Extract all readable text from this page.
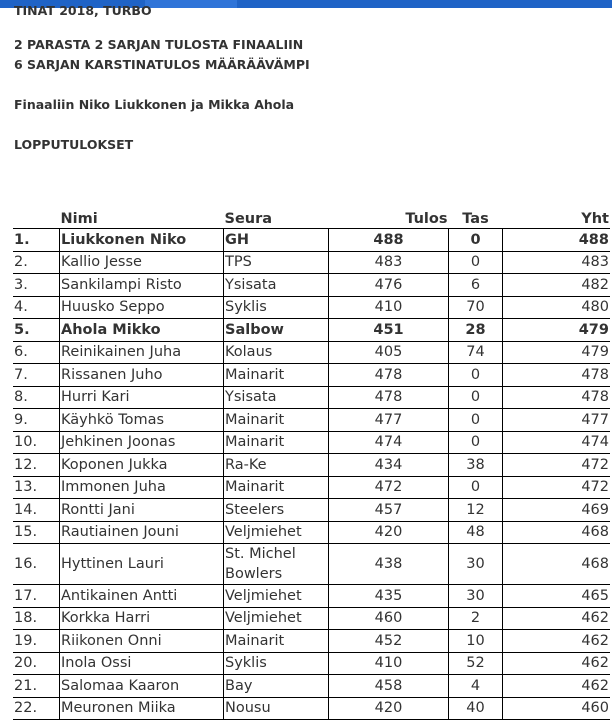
TINAT 2018, TURBO
2 PARASTA 2 SARJAN TULOSTA FINAALIIN
6 SARJAN KARSTINATULOS MÄÄRÄÄVÄMPI
Finaaliin Niko Liukkonen ja Mikka Ahola
LOPPUTULOKSET
	Nimi	Seura	Tulos	Tas	Yht
1.	Liukkonen Niko	GH	488	0	488
2.	Kallio Jesse	TPS	483	0	483
3.	Sankilampi Risto	Ysisata	476	6	482
4.	Huusko Seppo	Syklis	410	70	480
5.	Ahola Mikko	Salbow	451	28	479
6.	Reinikainen Juha	Kolaus	405	74	479
7.	Rissanen Juho	Mainarit	478	0	478
8.	Hurri Kari	Ysisata	478	0	478
9.	Käyhkö Tomas	Mainarit	477	0	477
10.	Jehkinen Joonas	Mainarit	474	0	474
12.	Koponen Jukka	Ra-Ke	434	38	472
13.	Immonen Juha	Mainarit	472	0	472
14.	Rontti Jani	Steelers	457	12	469
15.	Rautiainen Jouni	Veljmiehet	420	48	468
16.	Hyttinen Lauri	St. Michel Bowlers	438	30	468
17.	Antikainen Antti	Veljmiehet	435	30	465
18.	Korkka Harri	Veljmiehet	460	2	462
19.	Riikonen Onni	Mainarit	452	10	462
20.	Inola Ossi	Syklis	410	52	462
21.	Salomaa Kaaron	Bay	458	4	462
22.	Meuronen Miika	Nousu	420	40	460
